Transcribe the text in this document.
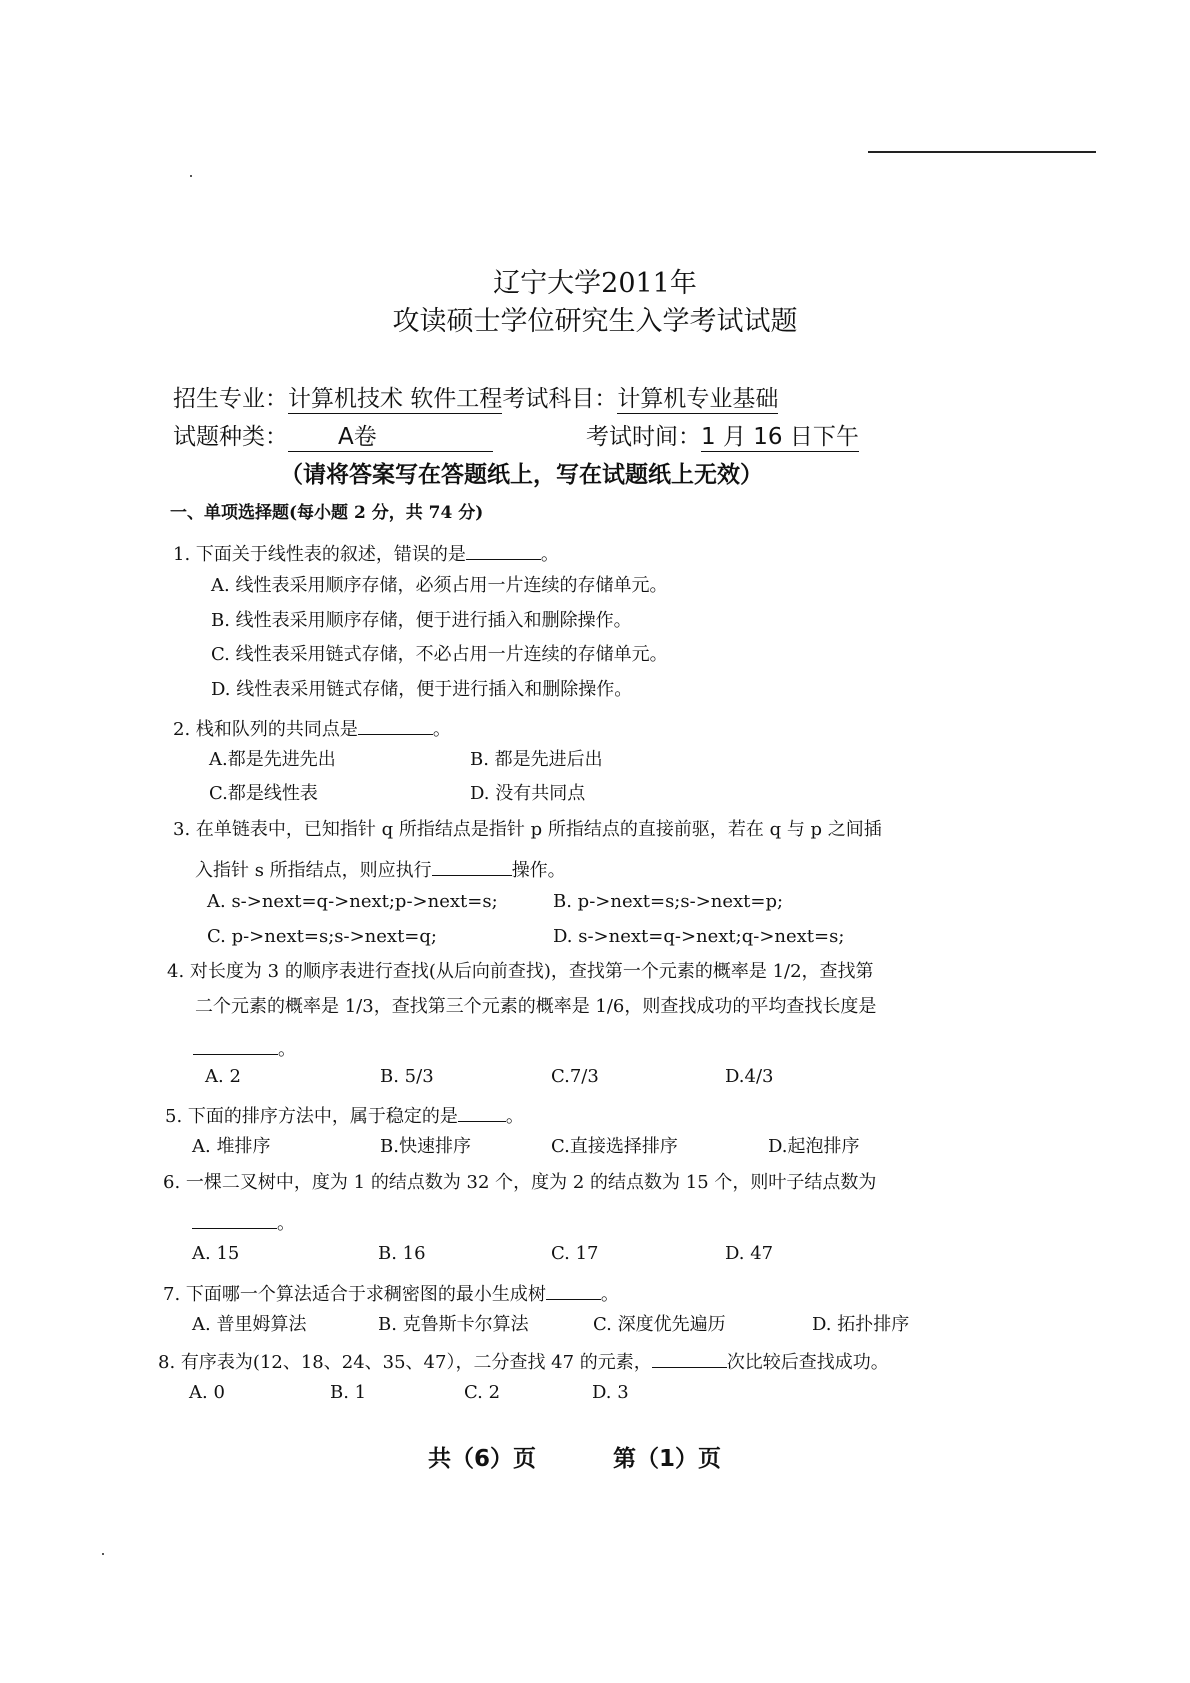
辽宁大学2011年
攻读硕士学位研究生入学考试试题
招生专业：计算机技术 软件工程考试科目：计算机专业基础
试题种类： A卷	考试时间：1 月 16 日下午
（请将答案写在答题纸上，写在试题纸上无效）
一、单项选择题(每小题 2 分，共 74 分)
1. 下面关于线性表的叙述，错误的是	。
A. 线性表采用顺序存储，必须占用一片连续的存储单元。
B. 线性表采用顺序存储，便于进行插入和删除操作。
C. 线性表采用链式存储，不必占用一片连续的存储单元。
D. 线性表采用链式存储，便于进行插入和删除操作。
2. 栈和队列的共同点是	。
A.都是先进先出	B. 都是先进后出
C.都是线性表	D. 没有共同点
3. 在单链表中，已知指针 q 所指结点是指针 p 所指结点的直接前驱，若在 q 与 p 之间插
入指针 s 所指结点，则应执行	操作。
A. s->next=q->next;p->next=s;	B. p->next=s;s->next=p;
C. p->next=s;s->next=q;	D. s->next=q->next;q->next=s;
4. 对长度为 3 的顺序表进行查找(从后向前查找)，查找第一个元素的概率是 1/2，查找第
二个元素的概率是 1/3，查找第三个元素的概率是 1/6，则查找成功的平均查找长度是
。
A. 2	B. 5/3	C.7/3	D.4/3
5. 下面的排序方法中，属于稳定的是	。
A. 堆排序	B.快速排序	C.直接选择排序	D.起泡排序
6. 一棵二叉树中，度为 1 的结点数为 32 个，度为 2 的结点数为 15 个，则叶子结点数为
。
A. 15	B. 16	C. 17	D. 47
7. 下面哪一个算法适合于求稠密图的最小生成树	。
A. 普里姆算法	B. 克鲁斯卡尔算法	C. 深度优先遍历	D. 拓扑排序
8. 有序表为(12、18、24、35、47），二分查找 47 的元素，	次比较后查找成功。
A. 0	B. 1	C. 2	D. 3
共（6）页	第（1）页
